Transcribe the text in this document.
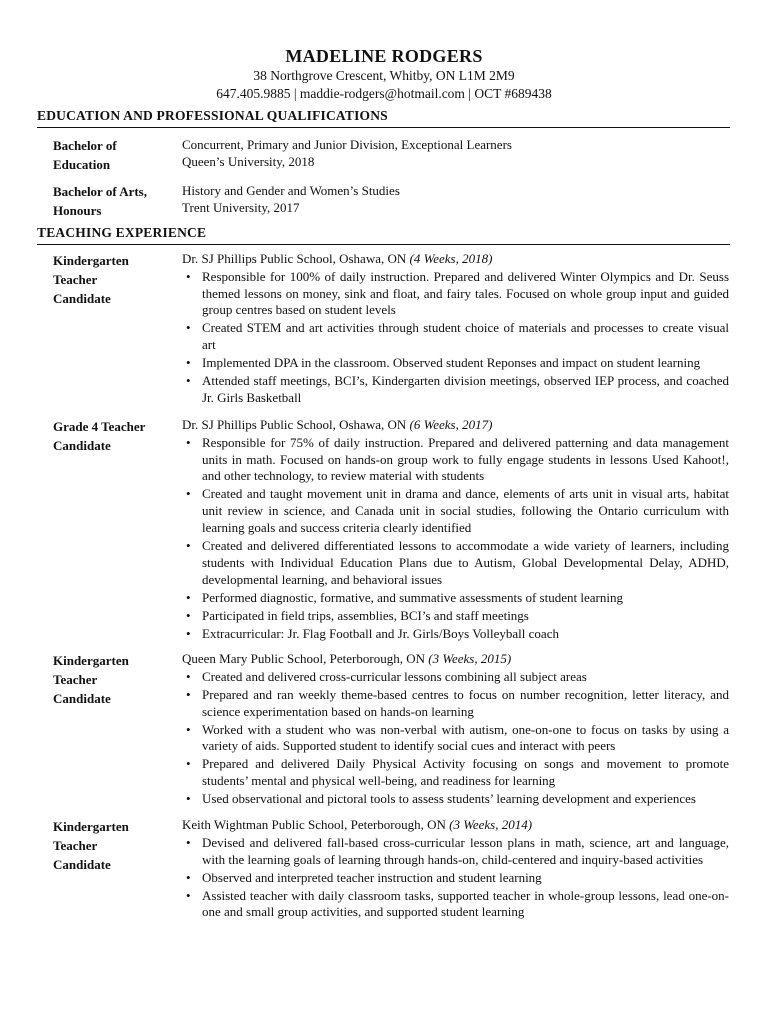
MADELINE RODGERS
38 Northgrove Crescent, Whitby, ON L1M 2M9
647.405.9885 | maddie-rodgers@hotmail.com | OCT #689438
EDUCATION AND PROFESSIONAL QUALIFICATIONS
Bachelor of
Education
Concurrent, Primary and Junior Division, Exceptional Learners
Queen’s University, 2018
Bachelor of Arts,
Honours
History and Gender and Women’s Studies
Trent University, 2017
TEACHING EXPERIENCE
Kindergarten
Teacher
Candidate
Dr. SJ Phillips Public School, Oshawa, ON (4 Weeks, 2018)
• Responsible for 100% of daily instruction. Prepared and delivered Winter Olympics and Dr. Seuss themed lessons on money, sink and float, and fairy tales. Focused on whole group input and guided group centres based on student levels
• Created STEM and art activities through student choice of materials and processes to create visual art
• Implemented DPA in the classroom. Observed student Reponses and impact on student learning
• Attended staff meetings, BCI’s, Kindergarten division meetings, observed IEP process, and coached Jr. Girls Basketball
Grade 4 Teacher
Candidate
Dr. SJ Phillips Public School, Oshawa, ON (6 Weeks, 2017)
• Responsible for 75% of daily instruction. Prepared and delivered patterning and data management units in math. Focused on hands-on group work to fully engage students in lessons Used Kahoot!, and other technology, to review material with students
• Created and taught movement unit in drama and dance, elements of arts unit in visual arts, habitat unit review in science, and Canada unit in social studies, following the Ontario curriculum with learning goals and success criteria clearly identified
• Created and delivered differentiated lessons to accommodate a wide variety of learners, including students with Individual Education Plans due to Autism, Global Developmental Delay, ADHD, developmental learning, and behavioral issues
• Performed diagnostic, formative, and summative assessments of student learning
• Participated in field trips, assemblies, BCI’s and staff meetings
• Extracurricular: Jr. Flag Football and Jr. Girls/Boys Volleyball coach
Kindergarten
Teacher
Candidate
Queen Mary Public School, Peterborough, ON (3 Weeks, 2015)
• Created and delivered cross-curricular lessons combining all subject areas
• Prepared and ran weekly theme-based centres to focus on number recognition, letter literacy, and science experimentation based on hands-on learning
• Worked with a student who was non-verbal with autism, one-on-one to focus on tasks by using a variety of aids. Supported student to identify social cues and interact with peers
• Prepared and delivered Daily Physical Activity focusing on songs and movement to promote students’ mental and physical well-being, and readiness for learning
• Used observational and pictoral tools to assess students’ learning development and experiences
Kindergarten
Teacher
Candidate
Keith Wightman Public School, Peterborough, ON (3 Weeks, 2014)
• Devised and delivered fall-based cross-curricular lesson plans in math, science, art and language, with the learning goals of learning through hands-on, child-centered and inquiry-based activities
• Observed and interpreted teacher instruction and student learning
• Assisted teacher with daily classroom tasks, supported teacher in whole-group lessons, lead one-on-one and small group activities, and supported student learning
